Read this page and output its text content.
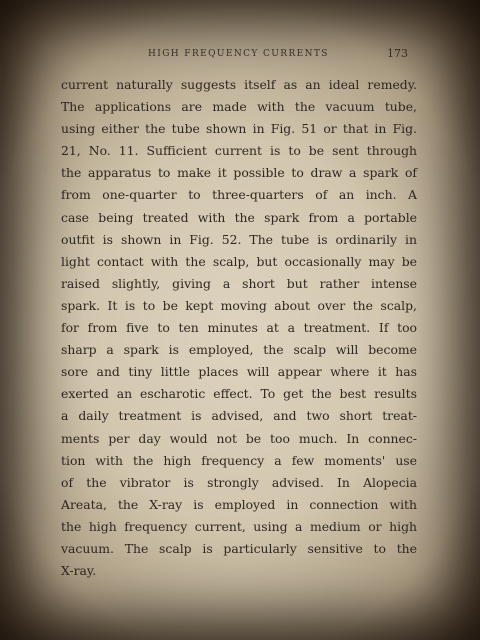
HIGH FREQUENCY CURRENTS	173
current naturally suggests itself as an ideal remedy.
The applications are made with the vacuum tube,
using either the tube shown in Fig. 51 or that in Fig.
21, No. 11. Sufficient current is to be sent through
the apparatus to make it possible to draw a spark of
from one-quarter to three-quarters of an inch. A
case being treated with the spark from a portable
outfit is shown in Fig. 52. The tube is ordinarily in
light contact with the scalp, but occasionally may be
raised slightly, giving a short but rather intense
spark. It is to be kept moving about over the scalp,
for from five to ten minutes at a treatment. If too
sharp a spark is employed, the scalp will become
sore and tiny little places will appear where it has
exerted an escharotic effect. To get the best results
a daily treatment is advised, and two short treat-
ments per day would not be too much. In connec-
tion with the high frequency a few moments' use
of the vibrator is strongly advised. In Alopecia
Areata, the X-ray is employed in connection with
the high frequency current, using a medium or high
vacuum. The scalp is particularly sensitive to the
X-ray.
